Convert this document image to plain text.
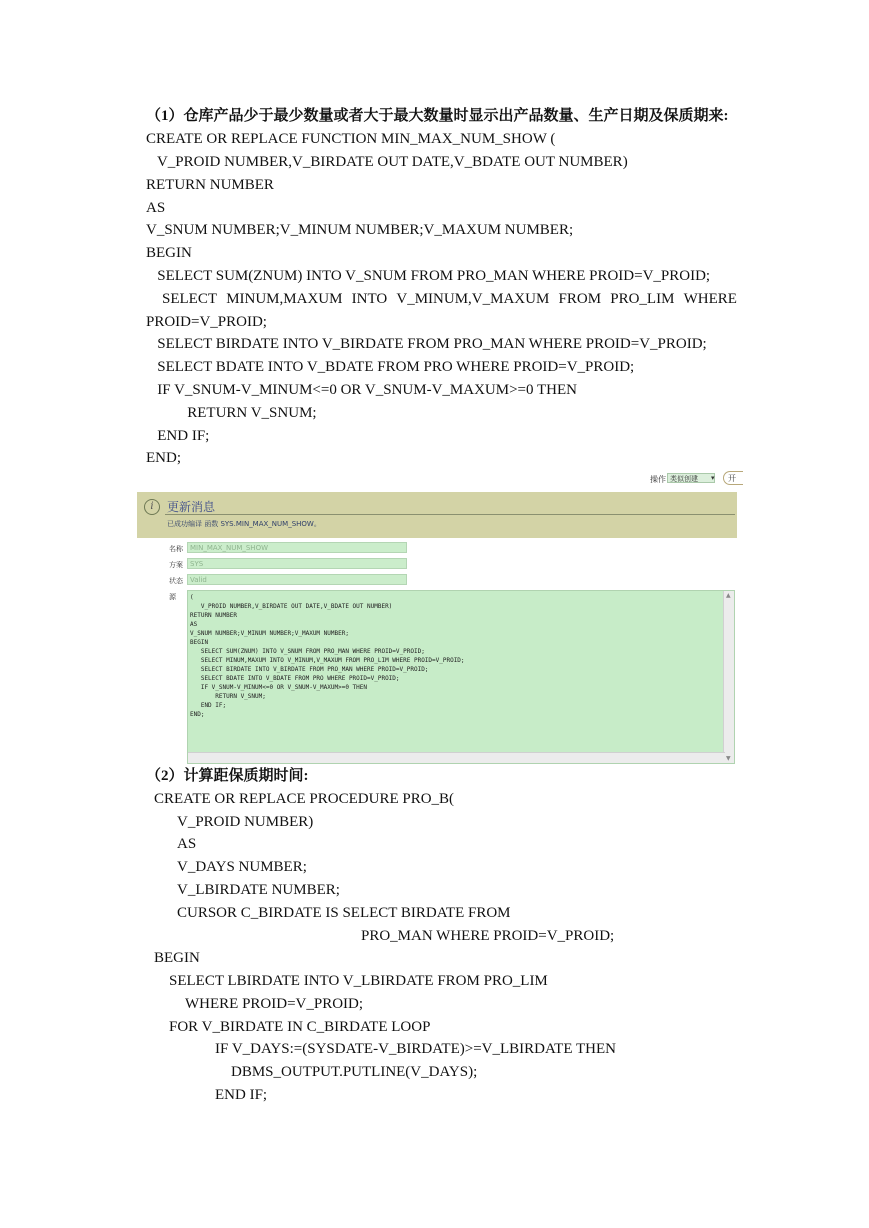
（1）仓库产品少于最少数量或者大于最大数量时显示出产品数量、生产日期及保质期来:
CREATE OR REPLACE FUNCTION MIN_MAX_NUM_SHOW (
V_PROID NUMBER,V_BIRDATE OUT DATE,V_BDATE OUT NUMBER)
RETURN NUMBER
AS
V_SNUM NUMBER;V_MINUM NUMBER;V_MAXUM NUMBER;
BEGIN
SELECT SUM(ZNUM) INTO V_SNUM FROM PRO_MAN WHERE PROID=V_PROID;
SELECT MINUM,MAXUM INTO V_MINUM,V_MAXUM FROM PRO_LIM WHERE
PROID=V_PROID;
SELECT BIRDATE INTO V_BIRDATE FROM PRO_MAN WHERE PROID=V_PROID;
SELECT BDATE INTO V_BDATE FROM PRO WHERE PROID=V_PROID;
IF V_SNUM-V_MINUM<=0 OR V_SNUM-V_MAXUM>=0 THEN
RETURN V_SNUM;
END IF;
END;
操作 类似创建	▾	开
i	更新消息
已成功编译 函数 SYS.MIN_MAX_NUM_SHOW。
名称	MIN_MAX_NUM_SHOW
方案	SYS
状态	Valid
源 (
V_PROID NUMBER,V_BIRDATE OUT DATE,V_BDATE OUT NUMBER)
RETURN NUMBER
AS
V_SNUM NUMBER;V_MINUM NUMBER;V_MAXUM NUMBER;
BEGIN
SELECT SUM(ZNUM) INTO V_SNUM FROM PRO_MAN WHERE PROID=V_PROID;
SELECT MINUM,MAXUM INTO V_MINUM,V_MAXUM FROM PRO_LIM WHERE PROID=V_PROID;
SELECT BIRDATE INTO V_BIRDATE FROM PRO_MAN WHERE PROID=V_PROID;
SELECT BDATE INTO V_BDATE FROM PRO WHERE PROID=V_PROID;
IF V_SNUM-V_MINUM<=0 OR V_SNUM-V_MAXUM>=0 THEN
RETURN V_SNUM;
END IF;
END;
▲
▼
（2）计算距保质期时间:
CREATE OR REPLACE PROCEDURE PRO_B(
V_PROID NUMBER)
AS
V_DAYS NUMBER;
V_LBIRDATE NUMBER;
CURSOR C_BIRDATE IS SELECT BIRDATE FROM
PRO_MAN WHERE PROID=V_PROID;
BEGIN
SELECT LBIRDATE INTO V_LBIRDATE FROM PRO_LIM
WHERE PROID=V_PROID;
FOR V_BIRDATE IN C_BIRDATE LOOP
IF V_DAYS:=(SYSDATE-V_BIRDATE)>=V_LBIRDATE THEN
DBMS_OUTPUT.PUTLINE(V_DAYS);
END IF;
